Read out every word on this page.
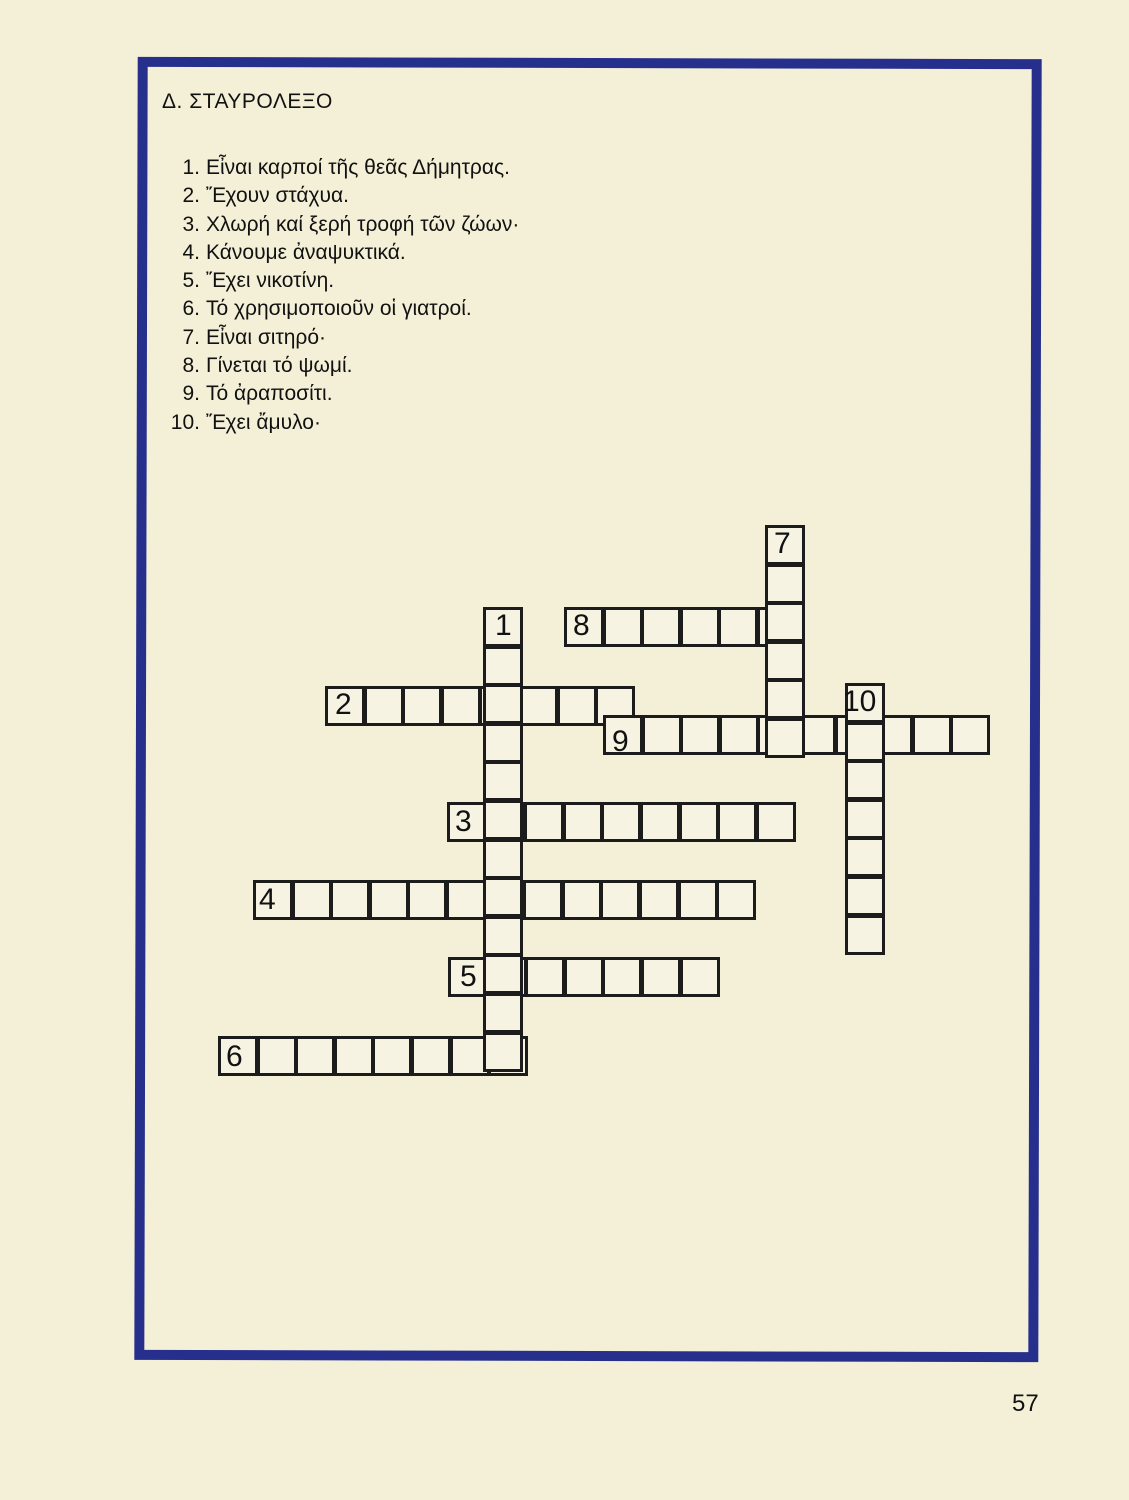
Δ. ΣΤΑΥΡΟΛΕΞΟ
1. Εἶναι καρποί τῆς θεᾶς Δήμητρας.
2. Ἔχουν στάχυα.
3. Χλωρή καί ξερή τροφή τῶν ζώων·
4. Κάνουμε ἀναψυκτικά.
5. Ἔχει νικοτίνη.
6. Τό χρησιμοποιοῦν οἱ γιατροί.
7. Εἶναι σιτηρό·
8. Γίνεται τό ψωμί.
9. Τό ἀραποσίτι.
10. Ἔχει ἄμυλο·
1
2
3
4
5
6
7
8
9
10
57
